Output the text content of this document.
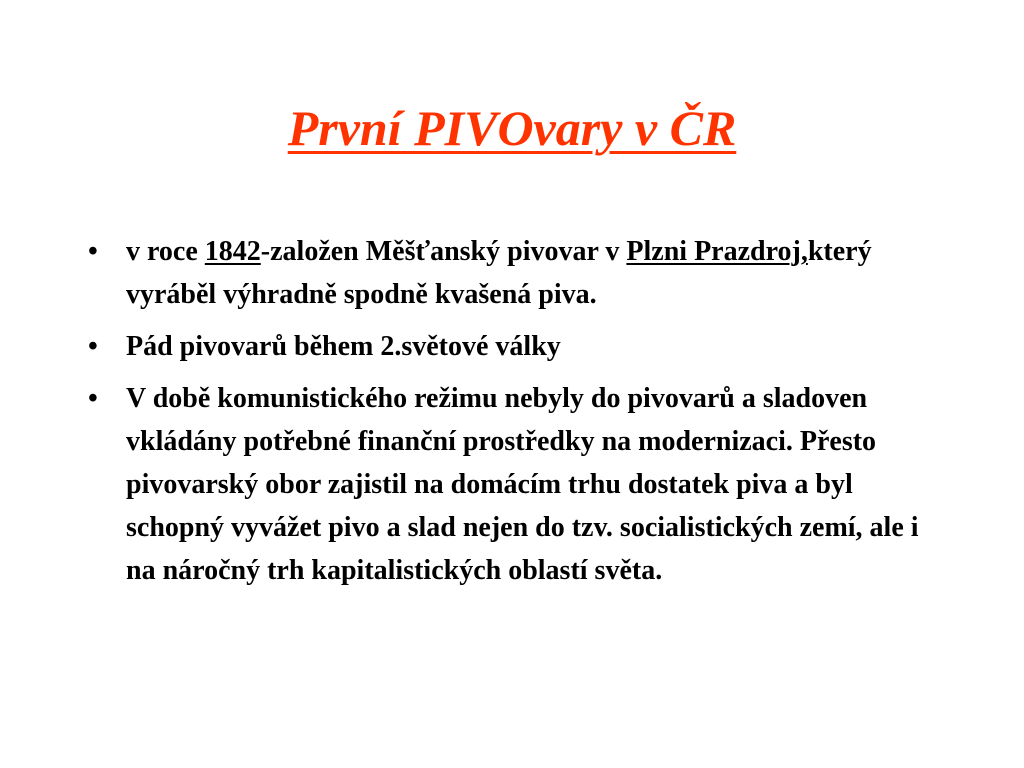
První PIVOvary v ČR
•	v roce 1842-založen Měšťanský pivovar v Plzni Prazdroj,který vyráběl výhradně spodně kvašená piva.
•	Pád pivovarů během 2.světové války
•	V době komunistického režimu nebyly do pivovarů a sladoven vkládány potřebné finanční prostředky na modernizaci. Přesto pivovarský obor zajistil na domácím trhu dostatek piva a byl schopný vyvážet pivo a slad nejen do tzv. socialistických zemí, ale i na náročný trh kapitalistických oblastí světa.
